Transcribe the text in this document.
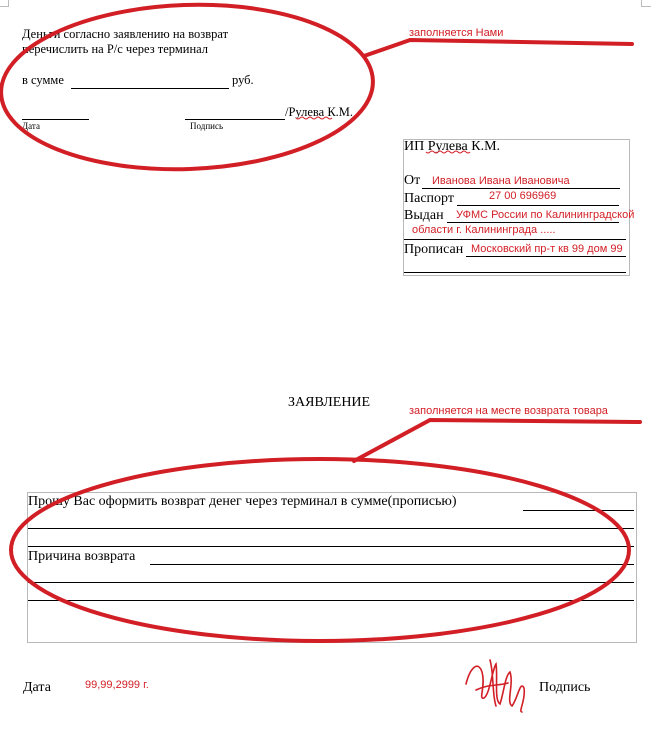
Деньги согласно заявлению на возврат
перечислить на Р/с через терминал
в сумме	руб.
/Рулева К.М.
Дата	Подпись
заполняется Нами
ИП Рулева К.М.
От Иванова Ивана Ивановича
Паспорт	27 00 696969
Выдан УФМС России по Калининградской
области г. Калининграда .....
Прописан Московский пр-т кв 99 дом 99
ЗАЯВЛЕНИЕ
заполняется на месте возврата товара
Прошу Вас оформить возврат денег через терминал в сумме(прописью)
Причина возврата
Дата	99,99,2999 г.	Подпись
